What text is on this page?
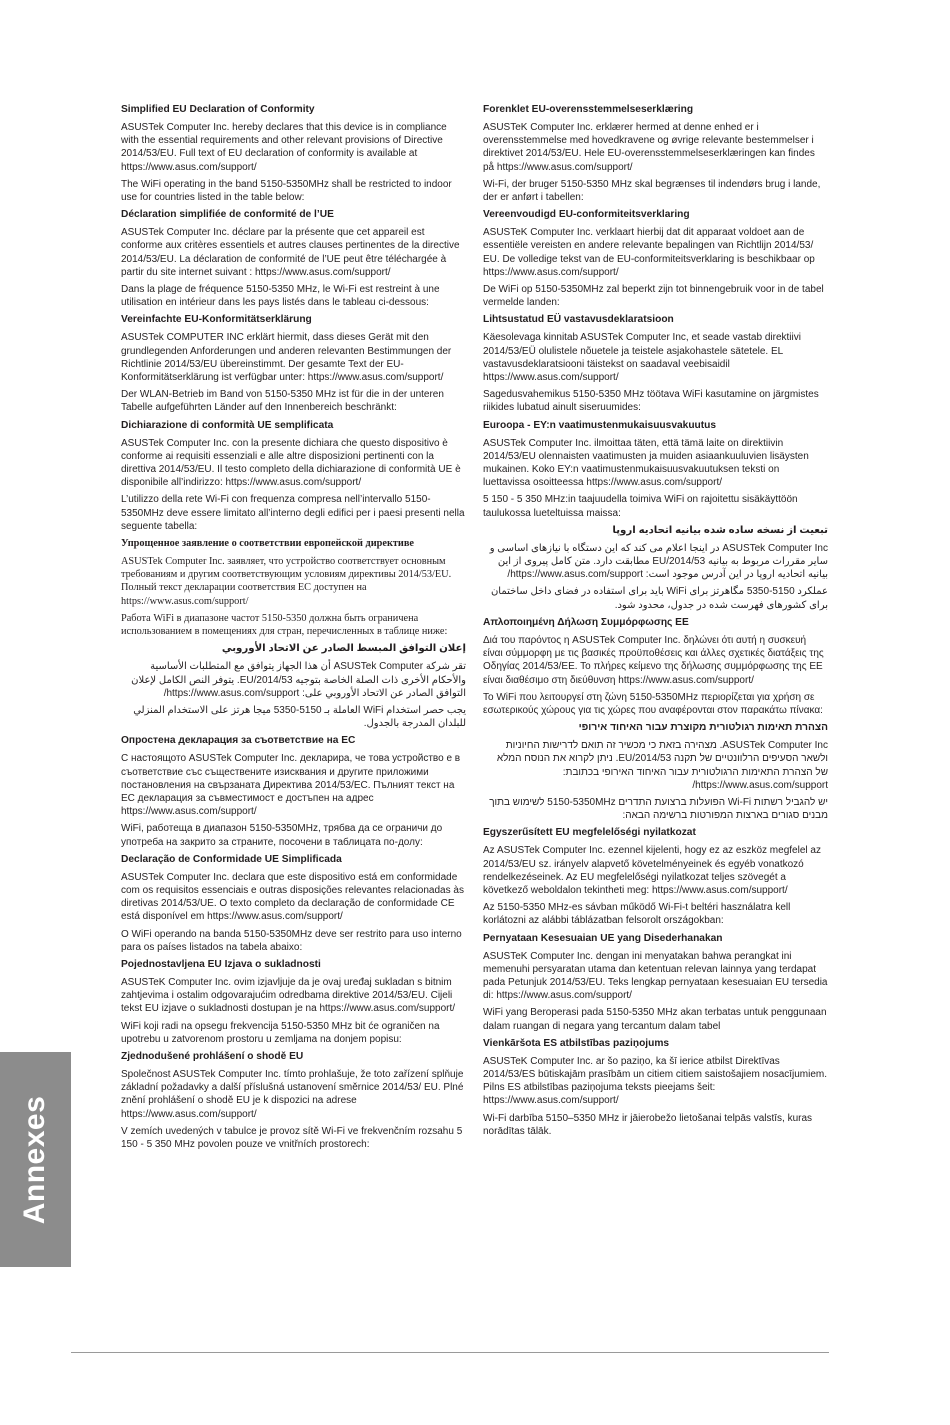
Simplified EU Declaration of Conformity

ASUSTek Computer Inc. hereby declares that this device is in compliance with the essential requirements and other relevant provisions of Directive 2014/53/EU. Full text of EU declaration of conformity is available at https://www.asus.com/support/

The WiFi operating in the band 5150-5350MHz shall be restricted to indoor use for countries listed in the table below:

Déclaration simplifiée de conformité de l’UE

ASUSTek Computer Inc. déclare par la présente que cet appareil est conforme aux critères essentiels et autres clauses pertinentes de la directive 2014/53/EU. La déclaration de conformité de l’UE peut être téléchargée à partir du site internet suivant : https://www.asus.com/support/

Dans la plage de fréquence 5150-5350 MHz, le Wi-Fi est restreint à une utilisation en intérieur dans les pays listés dans le tableau ci-dessous:

Vereinfachte EU-Konformitätserklärung

ASUSTek COMPUTER INC erklärt hiermit, dass dieses Gerät mit den grundlegenden Anforderungen und anderen relevanten Bestimmungen der Richtlinie 2014/53/EU übereinstimmt. Der gesamte Text der EU-Konformitätserklärung ist verfügbar unter: https://www.asus.com/support/

Der WLAN-Betrieb im Band von 5150-5350 MHz ist für die in der unteren Tabelle aufgeführten Länder auf den Innenbereich beschränkt:

Dichiarazione di conformità UE semplificata

ASUSTek Computer Inc. con la presente dichiara che questo dispositivo è conforme ai requisiti essenziali e alle altre disposizioni pertinenti con la direttiva 2014/53/EU. Il testo completo della dichiarazione di conformità UE è disponibile all’indirizzo: https://www.asus.com/support/

L’utilizzo della rete Wi-Fi con frequenza compresa nell’intervallo 5150-5350MHz deve essere limitato all’interno degli edifici per i paesi presenti nella seguente tabella:

Упрощенное заявление о соответствии европейской директиве

ASUSTek Computer Inc. заявляет, что устройство соответствует основным требованиям и другим соответствующим условиям директивы 2014/53/EU. Полный текст декларации соответствия ЕС доступен на https://www.asus.com/support/

Работа WiFi в диапазоне частот 5150-5350 должна быть ограничена использованием в помещениях для стран, перечисленных в таблице ниже:

إعلان التوافق المبسط الصادر عن الاتحاد الأوروبي

تقر شركة ASUSTek Computer أن هذا الجهاز يتوافق مع المتطلبات الأساسية والأحكام الأخرى ذات الصلة الخاصة بتوجيه 2014/53/EU. يتوفر النص الكامل لإعلان التوافق الصادر عن الاتحاد الأوروبي على: https://www.asus.com/support/

يجب حصر استخدام WiFi العاملة بـ 5150-5350 ميجا هرتز على الاستخدام المنزلي للبلدان المدرجة بالجدول.

Опростена декларация за съответствие на ЕС

С настоящото ASUSTek Computer Inc. декларира, че това устройство е в съответствие със съществените изисквания и другите приложими постановления на свързаната Директива 2014/53/ЕС. Пълният текст на ЕС декларация за съвместимост е достъпен на адрес https://www.asus.com/support/

WiFi, работеща в диапазон 5150-5350MHz, трябва да се ограничи до употреба на закрито за страните, посочени в таблицата по-долу:

Declaração de Conformidade UE Simplificada

ASUSTek Computer Inc. declara que este dispositivo está em conformidade com os requisitos essenciais e outras disposições relevantes relacionadas às diretivas 2014/53/UE. O texto completo da declaração de conformidade CE está disponível em https://www.asus.com/support/

O WiFi operando na banda 5150-5350MHz deve ser restrito para uso interno para os países listados na tabela abaixo:

Pojednostavljena EU Izjava o sukladnosti

ASUSTeK Computer Inc. ovim izjavljuje da je ovaj uređaj sukladan s bitnim zahtjevima i ostalim odgovarajućim odredbama direktive 2014/53/EU. Cijeli tekst EU izjave o sukladnosti dostupan je na https://www.asus.com/support/

WiFi koji radi na opsegu frekvencija 5150-5350 MHz bit će ograničen na upotrebu u zatvorenom prostoru u zemljama na donjem popisu:

Zjednodušené prohlášení o shodě EU

Společnost ASUSTek Computer Inc. tímto prohlašuje, že toto zařízení splňuje základní požadavky a další příslušná ustanovení směrnice 2014/53/ EU. Plné znění prohlášení o shodě EU je k dispozici na adrese https://www.asus.com/support/

V zemích uvedených v tabulce je provoz sítě Wi-Fi ve frekvenčním rozsahu 5 150 - 5 350 MHz povolen pouze ve vnitřních prostorech:

Forenklet EU-overensstemmelseserklæring

ASUSTeK Computer Inc. erklærer hermed at denne enhed er i overensstemmelse med hovedkravene og øvrige relevante bestemmelser i direktivet 2014/53/EU. Hele EU-overensstemmelseserklæringen kan findes på https://www.asus.com/support/

Wi-Fi, der bruger 5150-5350 MHz skal begrænses til indendørs brug i lande, der er anført i tabellen:

Vereenvoudigd EU-conformiteitsverklaring

ASUSTeK Computer Inc. verklaart hierbij dat dit apparaat voldoet aan de essentiële vereisten en andere relevante bepalingen van Richtlijn 2014/53/ EU. De volledige tekst van de EU-conformiteitsverklaring is beschikbaar op https://www.asus.com/support/

De WiFi op 5150-5350MHz zal beperkt zijn tot binnengebruik voor in de tabel vermelde landen:

Lihtsustatud EÜ vastavusdeklaratsioon

Käesolevaga kinnitab ASUSTek Computer Inc, et seade vastab direktiivi 2014/53/EÜ olulistele nõuetele ja teistele asjakohastele sätetele. EL vastavusdeklaratsiooni täistekst on saadaval veebisaidil https://www.asus.com/support/

Sagedusvahemikus 5150-5350 MHz töötava WiFi kasutamine on järgmistes riikides lubatud ainult siseruumides:

Euroopa - EY:n vaatimustenmukaisuusvakuutus

ASUSTek Computer Inc. ilmoittaa täten, että tämä laite on direktiivin 2014/53/EU olennaisten vaatimusten ja muiden asiaankuuluvien lisäysten mukainen. Koko EY:n vaatimustenmukaisuusvakuutuksen teksti on luettavissa osoitteessa https://www.asus.com/support/

5 150 - 5 350 MHz:in taajuudella toimiva WiFi on rajoitettu sisäkäyttöön taulukossa lueteltuissa maissa:

تبعیت از نسخه ساده شده بیانیه اتحادیه اروپا

ASUSTek Computer Inc در اینجا اعلام می کند که این دستگاه با نیازهای اساسی و سایر مقررات مربوط به بیانیه 2014/53/EU مطابقت دارد. متن کامل پیروی از این بیانیه اتحادیه اروپا در این آدرس موجود است: https://www.asus.com/support/

عملکرد 5150-5350 مگاهرتز برای WiFi باید برای استفاده در فضای داخل ساختمان برای کشورهای فهرست شده در جدول، محدود شود.

Απλοποιημένη Δήλωση Συμμόρφωσης ΕΕ

Διά του παρόντος η ASUSTek Computer Inc. δηλώνει ότι αυτή η συσκευή είναι σύμμορφη με τις βασικές προϋποθέσεις και άλλες σχετικές διατάξεις της Οδηγίας 2014/53/ΕΕ. Το πλήρες κείμενο της δήλωσης συμμόρφωσης της ΕΕ είναι διαθέσιμο στη διεύθυνση https://www.asus.com/support/

Το WiFi που λειτουργεί στη ζώνη 5150-5350MHz περιορίζεται για χρήση σε εσωτερικούς χώρους για τις χώρες που αναφέρονται στον παρακάτω πίνακα:

הצהרת תאימות רגולטורית מקוצרת עבור האיחוד אירופי

ASUSTek Computer Inc. מצהירה בזאת כי מכשיר זה תואם לדרישות החיוניות ולשאר הסעיפים הרלוונטיים של תקנה 2014/53/EU. ניתן לקרוא את הנוסח המלא של הצהרת התאימות הרגולטורית עבור האיחוד האירופי בכתובת: https://www.asus.com/support/

יש להגביל רשתות Wi-Fi הפועלות ברצועת התדרים 5150-5350MHz לשימוש בתוך מבנים סגורים בארצות המפורטות ברשימה הבאה:

Egyszerűsített EU megfelelőségi nyilatkozat

Az ASUSTek Computer Inc. ezennel kijelenti, hogy ez az eszköz megfelel az 2014/53/EU sz. irányelv alapvető követelményeinek és egyéb vonatkozó rendelkezéseinek. Az EU megfelelőségi nyilatkozat teljes szövegét a következő weboldalon tekintheti meg: https://www.asus.com/support/

Az 5150-5350 MHz-es sávban működő Wi-Fi-t beltéri használatra kell korlátozni az alábbi táblázatban felsorolt országokban:

Pernyataan Kesesuaian UE yang Disederhanakan

ASUSTeK Computer Inc. dengan ini menyatakan bahwa perangkat ini memenuhi persyaratan utama dan ketentuan relevan lainnya yang terdapat pada Petunjuk 2014/53/EU. Teks lengkap pernyataan kesesuaian EU tersedia di: https://www.asus.com/support/

WiFi yang Beroperasi pada 5150-5350 MHz akan terbatas untuk penggunaan dalam ruangan di negara yang tercantum dalam tabel

Vienkāršota ES atbilstības paziņojums

ASUSTeK Computer Inc. ar šo paziņo, ka šī ierice atbilst Direktīvas 2014/53/ES būtiskajām prasībām un citiem citiem saistošajiem nosacījumiem. Pilns ES atbilstības paziņojuma teksts pieejams šeit: https://www.asus.com/support/

Wi-Fi darbība 5150–5350 MHz ir jāierobežo lietošanai telpās valstīs, kuras norādītas tālāk.

Annexes
